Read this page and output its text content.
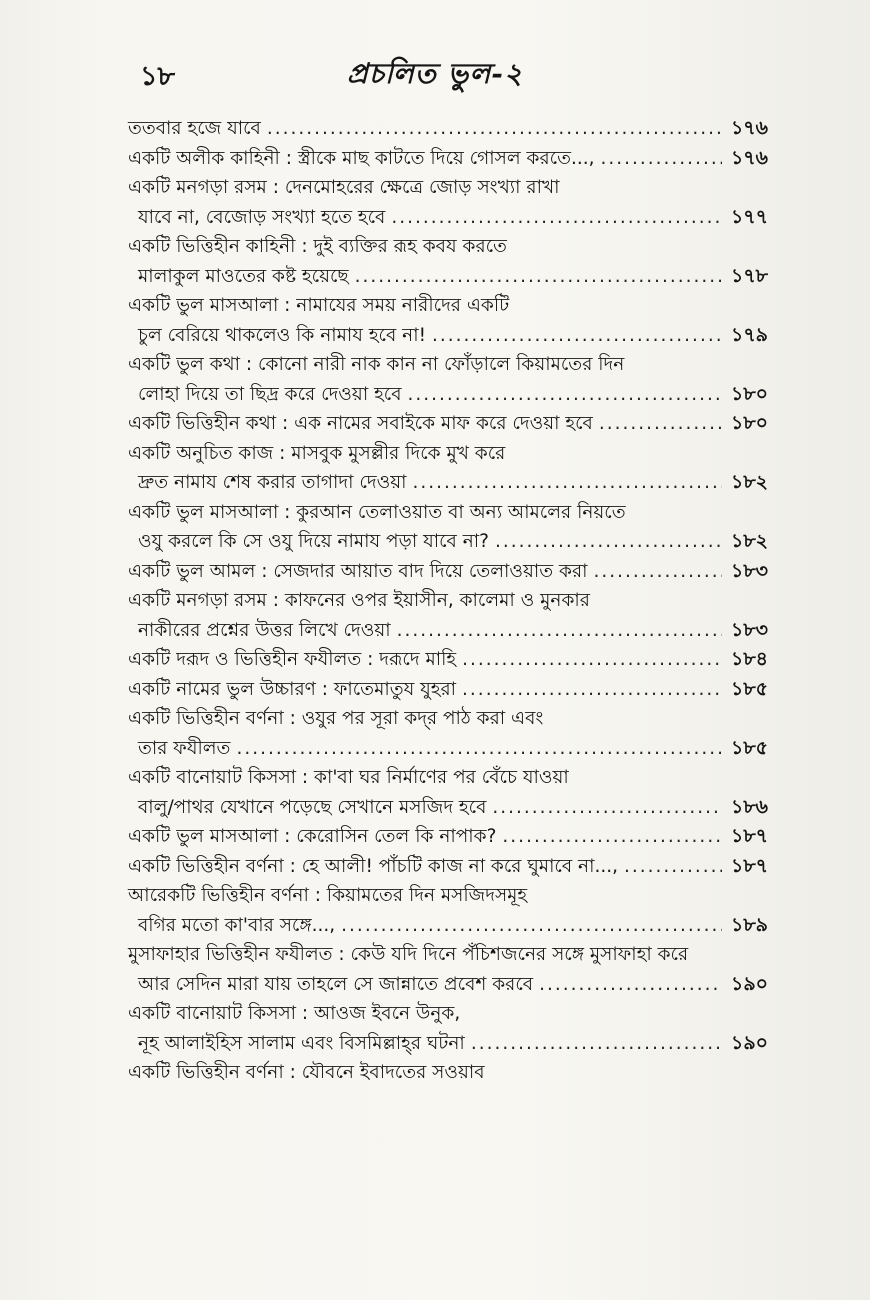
১৮	প্রচলিত ভুল-২
ততবার হজে যাবে .....	১৭৬
একটি অলীক কাহিনী : স্ত্রীকে মাছ কাটতে দিয়ে গোসল করতে..., .....	১৭৬
একটি মনগড়া রসম : দেনমোহরের ক্ষেত্রে জোড় সংখ্যা রাখা
যাবে না, বেজোড় সংখ্যা হতে হবে .....	১৭৭
একটি ভিত্তিহীন কাহিনী : দুই ব্যক্তির রূহ কবয করতে
মালাকুল মাওতের কষ্ট হয়েছে .....	১৭৮
একটি ভুল মাসআলা : নামাযের সময় নারীদের একটি
চুল বেরিয়ে থাকলেও কি নামায হবে না! .....	১৭৯
একটি ভুল কথা : কোনো নারী নাক কান না ফোঁড়ালে কিয়ামতের দিন
লোহা দিয়ে তা ছিদ্র করে দেওয়া হবে .....	১৮০
একটি ভিত্তিহীন কথা : এক নামের সবাইকে মাফ করে দেওয়া হবে .....	১৮০
একটি অনুচিত কাজ : মাসবুক মুসল্লীর দিকে মুখ করে
দ্রুত নামায শেষ করার তাগাদা দেওয়া .....	১৮২
একটি ভুল মাসআলা : কুরআন তেলাওয়াত বা অন্য আমলের নিয়তে
ওযু করলে কি সে ওযু দিয়ে নামায পড়া যাবে না? .....	১৮২
একটি ভুল আমল : সেজদার আয়াত বাদ দিয়ে তেলাওয়াত করা .....	১৮৩
একটি মনগড়া রসম : কাফনের ওপর ইয়াসীন, কালেমা ও মুনকার
নাকীরের প্রশ্নের উত্তর লিখে দেওয়া .....	১৮৩
একটি দরূদ ও ভিত্তিহীন ফযীলত : দরূদে মাহি .....	১৮৪
একটি নামের ভুল উচ্চারণ : ফাতেমাতুয যুহরা .....	১৮৫
একটি ভিত্তিহীন বর্ণনা : ওযুর পর সূরা কদ্‌র পাঠ করা এবং
তার ফযীলত .....	১৮৫
একটি বানোয়াট কিসসা : কা'বা ঘর নির্মাণের পর বেঁচে যাওয়া
বালু/পাথর যেখানে পড়েছে সেখানে মসজিদ হবে .....	১৮৬
একটি ভুল মাসআলা : কেরোসিন তেল কি নাপাক? .....	১৮৭
একটি ভিত্তিহীন বর্ণনা : হে আলী! পাঁচটি কাজ না করে ঘুমাবে না..., .....	১৮৭
আরেকটি ভিত্তিহীন বর্ণনা : কিয়ামতের দিন মসজিদসমূহ
বগির মতো কা'বার সঙ্গে..., .....	১৮৯
মুসাফাহার ভিত্তিহীন ফযীলত : কেউ যদি দিনে পঁচিশজনের সঙ্গে মুসাফাহা করে
আর সেদিন মারা যায় তাহলে সে জান্নাতে প্রবেশ করবে .....	১৯০
একটি বানোয়াট কিসসা : আওজ ইবনে উনুক,
নূহ আলাইহিস সালাম এবং বিসমিল্লাহ্‌র ঘটনা .....	১৯০
একটি ভিত্তিহীন বর্ণনা : যৌবনে ইবাদতের সওয়াব
